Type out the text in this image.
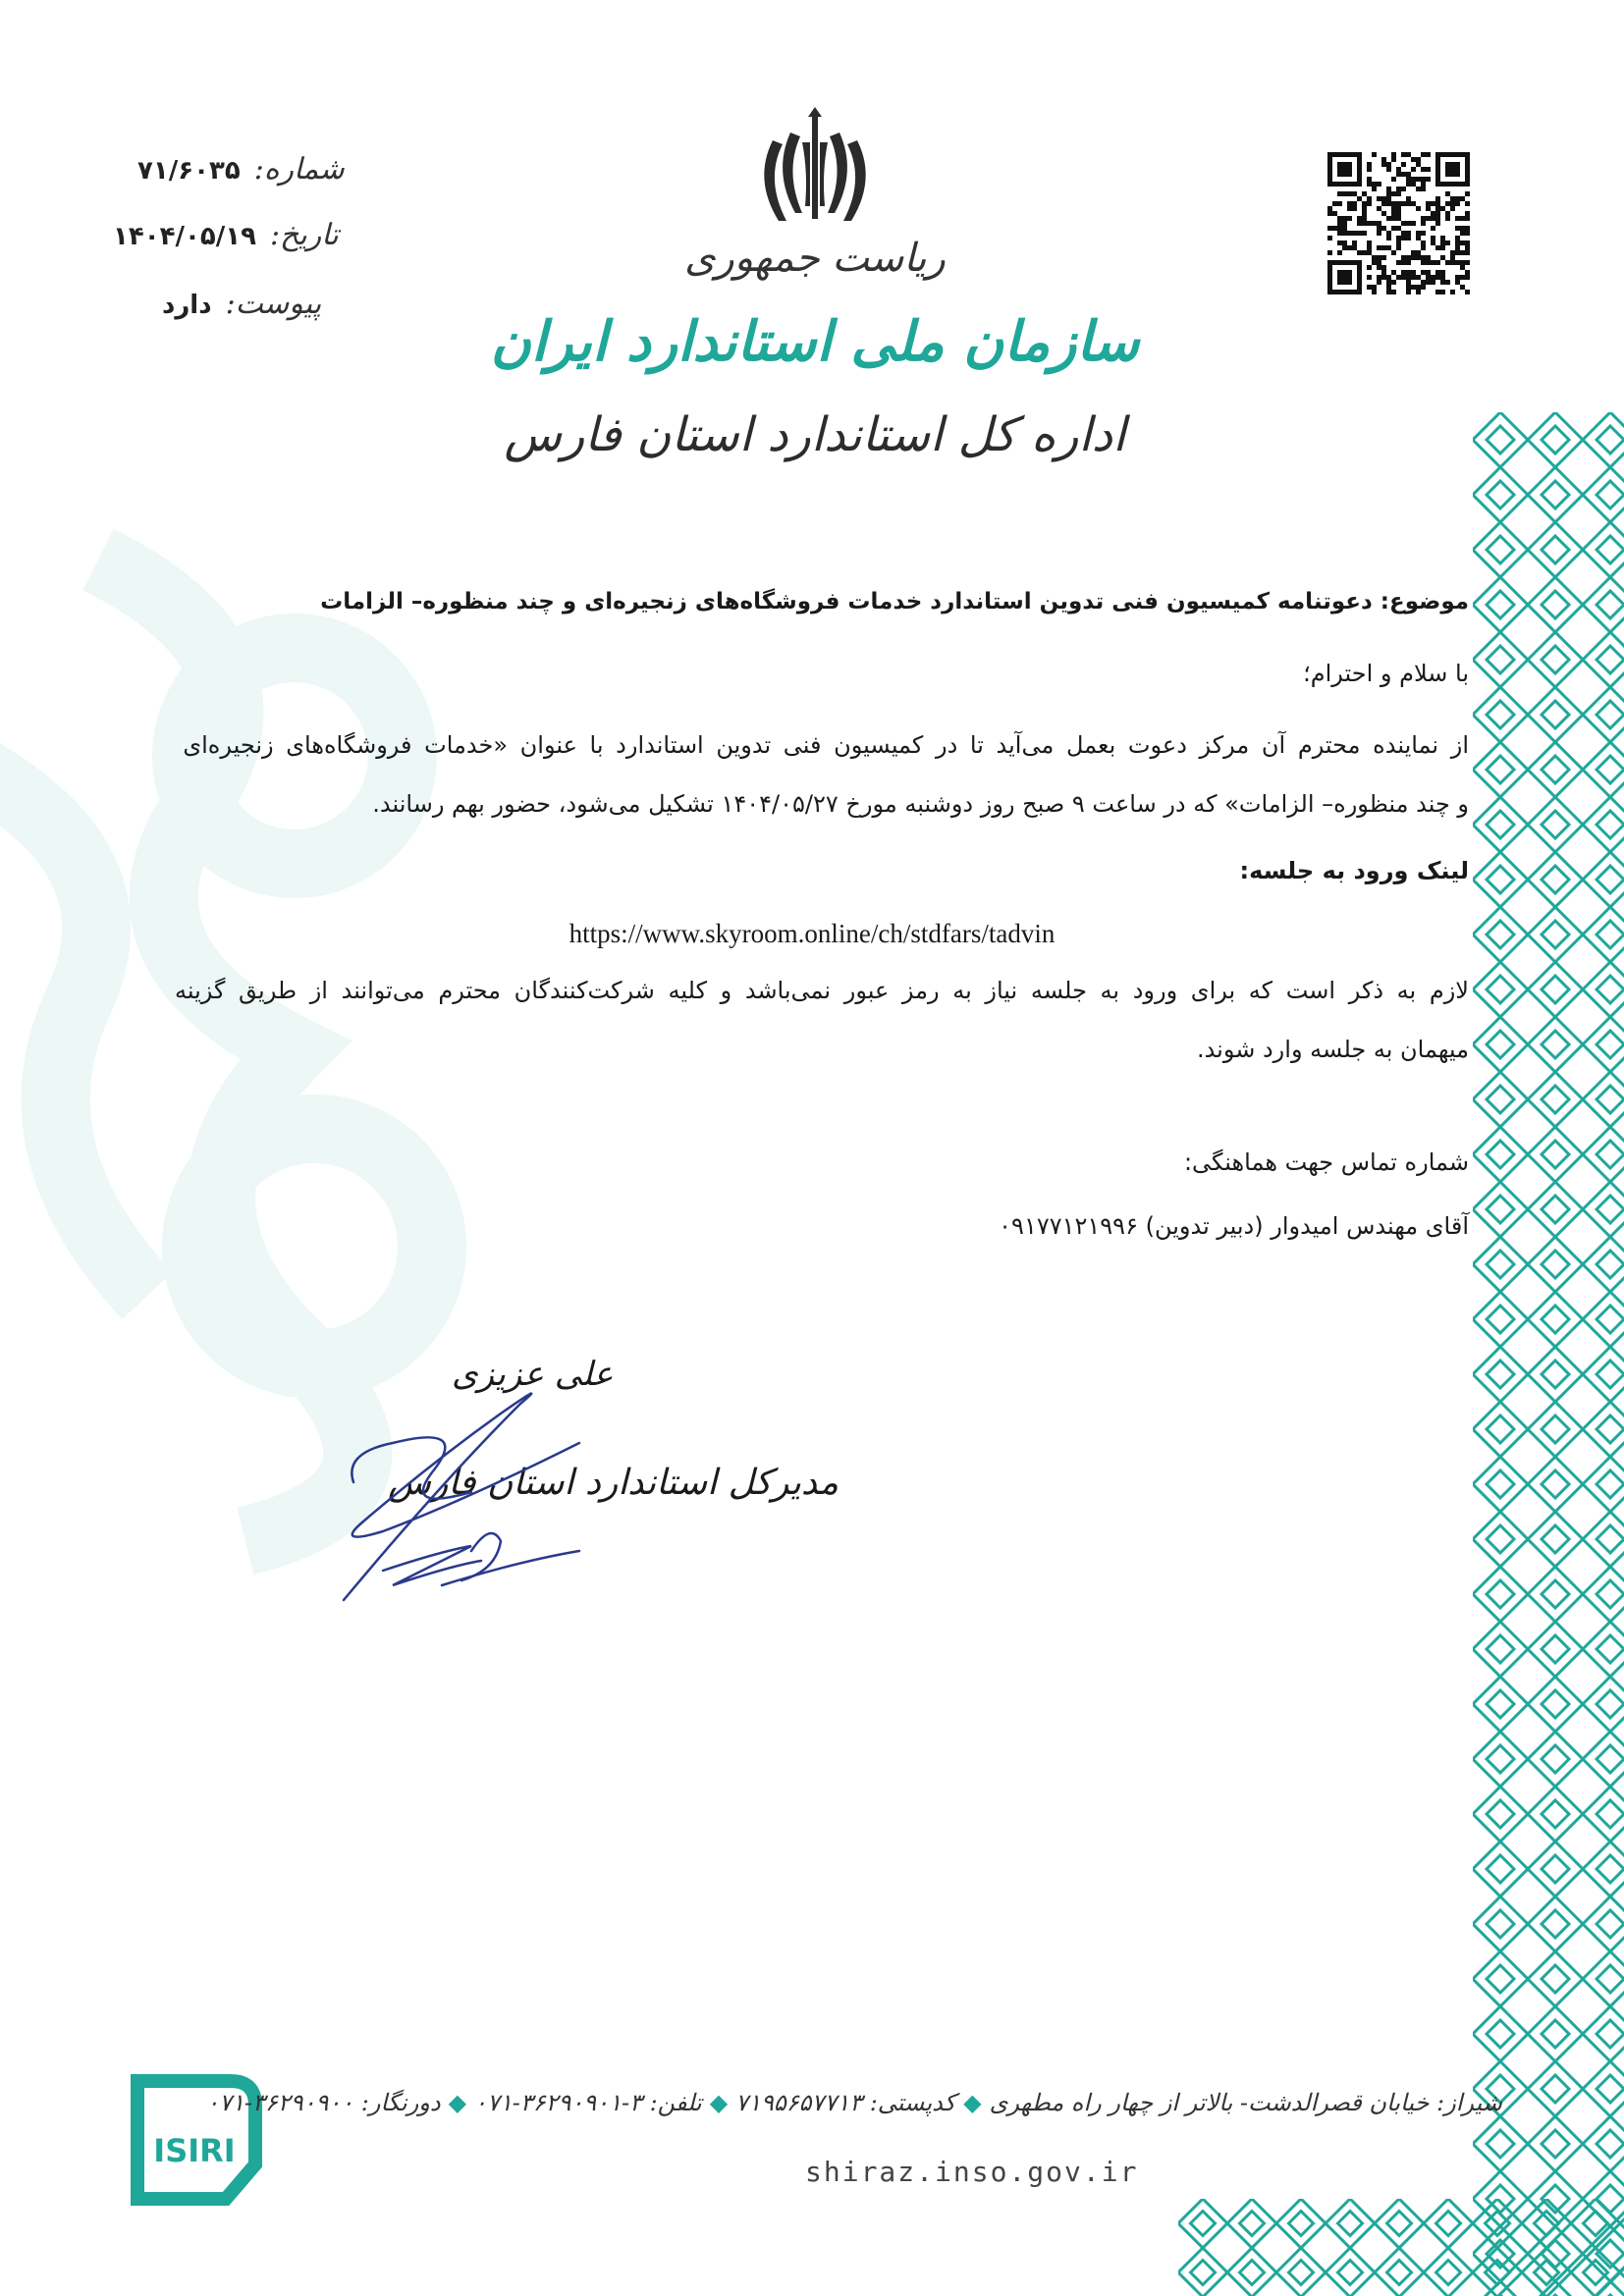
شماره:
۷۱/۶۰۳۵
تاریخ:
۱۴۰۴/۰۵/۱۹
پیوست:
دارد
ریاست جمهوری
سازمان ملی استاندارد ایران
اداره کل استاندارد استان فارس
موضوع: دعوتنامه کمیسیون فنی تدوین استاندارد خدمات فروشگاه‌های زنجیره‌ای و چند منظوره– الزامات
با سلام و احترام؛
از نماینده محترم آن مرکز دعوت بعمل می‌آید تا در کمیسیون فنی تدوین استاندارد با عنوان «خدمات فروشگاه‌های زنجیره‌ای
و چند منظوره– الزامات» که در ساعت ۹ صبح روز دوشنبه مورخ ۱۴۰۴/۰۵/۲۷ تشکیل می‌شود، حضور بهم رسانند.
لینک ورود به جلسه:
https://www.skyroom.online/ch/stdfars/tadvin
لازم به ذکر است که برای ورود به جلسه نیاز به رمز عبور نمی‌باشد و کلیه شرکت‌کنندگان محترم می‌توانند از طریق گزینه
میهمان به جلسه وارد شوند.
شماره تماس جهت هماهنگی:
آقای مهندس امیدوار (دبیر تدوین) ۰۹۱۷۷۱۲۱۹۹۶
علی عزیزی
مدیرکل استاندارد استان فارس
ISIRI
شیراز: خیابان قصرالدشت- بالاتر از چهار راه مطهری◆کدپستی: ۷۱۹۵۶۵۷۷۱۳◆تلفن: ۳-۳۶۲۹۰۹۰۱-۰۷۱◆دورنگار: ۳۶۲۹۰۹۰۰-۰۷۱
shiraz.inso.gov.ir
